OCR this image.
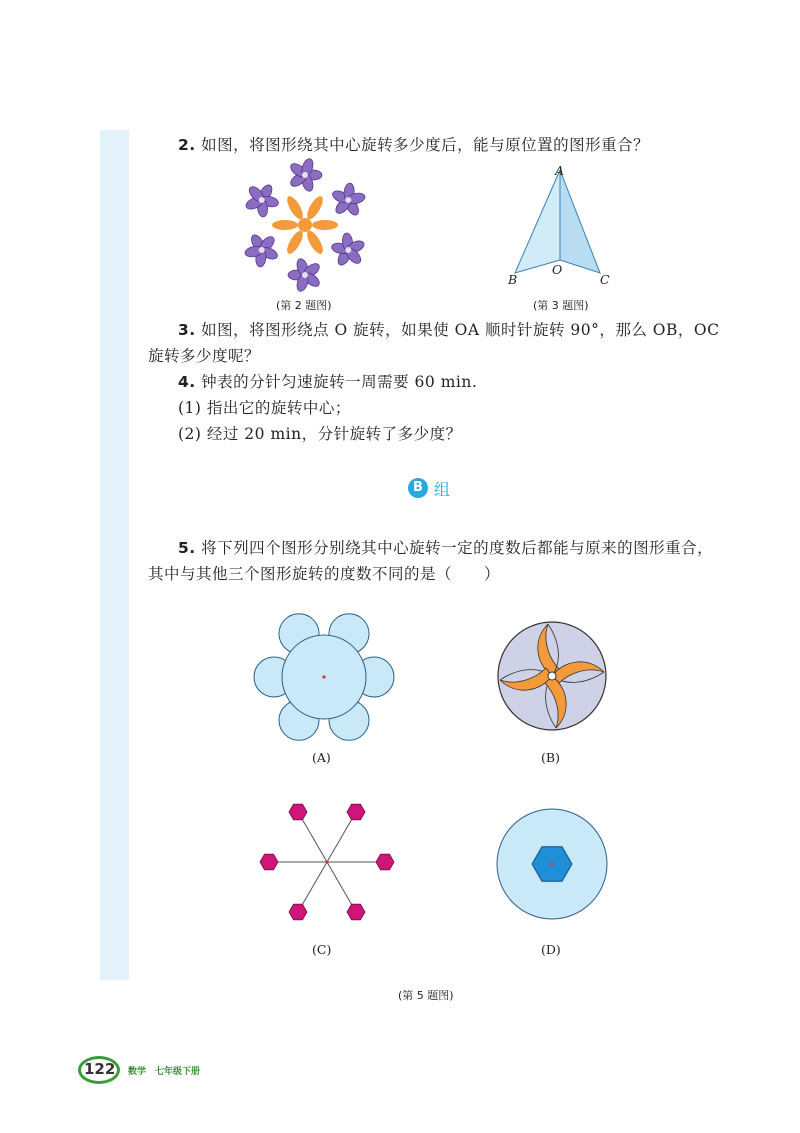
2. 如图，将图形绕其中心旋转多少度后，能与原位置的图形重合？
(第 2 题图)
A
B	C
O
(第 3 题图)
3. 如图，将图形绕点 O 旋转，如果使 OA 顺时针旋转 90°，那么 OB，OC
旋转多少度呢？
4. 钟表的分针匀速旋转一周需要 60 min.
(1) 指出它的旋转中心；
(2) 经过 20 min，分针旋转了多少度？
B 组
5. 将下列四个图形分别绕其中心旋转一定的度数后都能与原来的图形重合，
其中与其他三个图形旋转的度数不同的是（　　）
(A)	(B)
(C)	(D)
(第 5 题图)
122 数学　七年级下册
